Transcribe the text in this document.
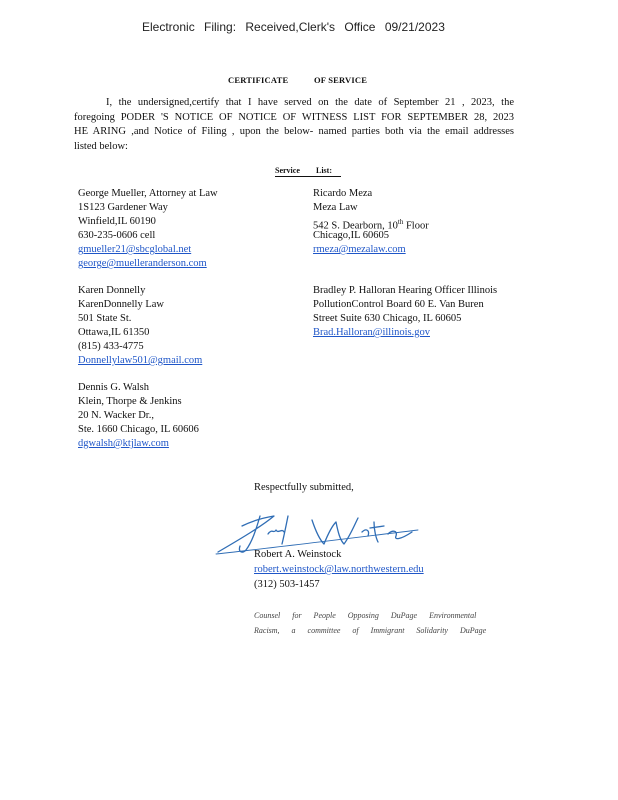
Electronic Filing: Received,Clerk's Office 09/21/2023
CERTIFICATE	OF SERVICE
I, the undersigned,certify that I have served on the date of September 21 , 2023, the
foregoing PODER 'S NOTICE OF NOTICE OF WITNESS LIST FOR SEPTEMBER 28, 2023
HE ARING ,and Notice of Filing , upon the below- named parties both via the email addresses
listed below:
Service List:
George Mueller, Attorney at Law
1S123 Gardener Way
Winfield,IL 60190
630-235-0606 cell
gmueller21@sbcglobal.net
george@muelleranderson.com
Ricardo Meza
Meza Law
542 S. Dearborn, 10th Floor
Chicago,IL 60605
rmeza@mezalaw.com
Karen Donnelly
KarenDonnelly Law
501 State St.
Ottawa,IL 61350
(815) 433-4775
Donnellylaw501@gmail.com
Bradley P. Halloran Hearing Officer Illinois
PollutionControl Board 60 E. Van Buren
Street Suite 630 Chicago, IL 60605
Brad.Halloran@illinois.gov
Dennis G. Walsh
Klein, Thorpe & Jenkins
20 N. Wacker Dr.,
Ste. 1660 Chicago, IL 60606
dgwalsh@ktjlaw.com
Respectfully submitted,
Robert A. Weinstock
robert.weinstock@law.northwestern.edu
(312) 503-1457
Counsel for People Opposing DuPage Environmental
Racism, a committee of Immigrant Solidarity DuPage
